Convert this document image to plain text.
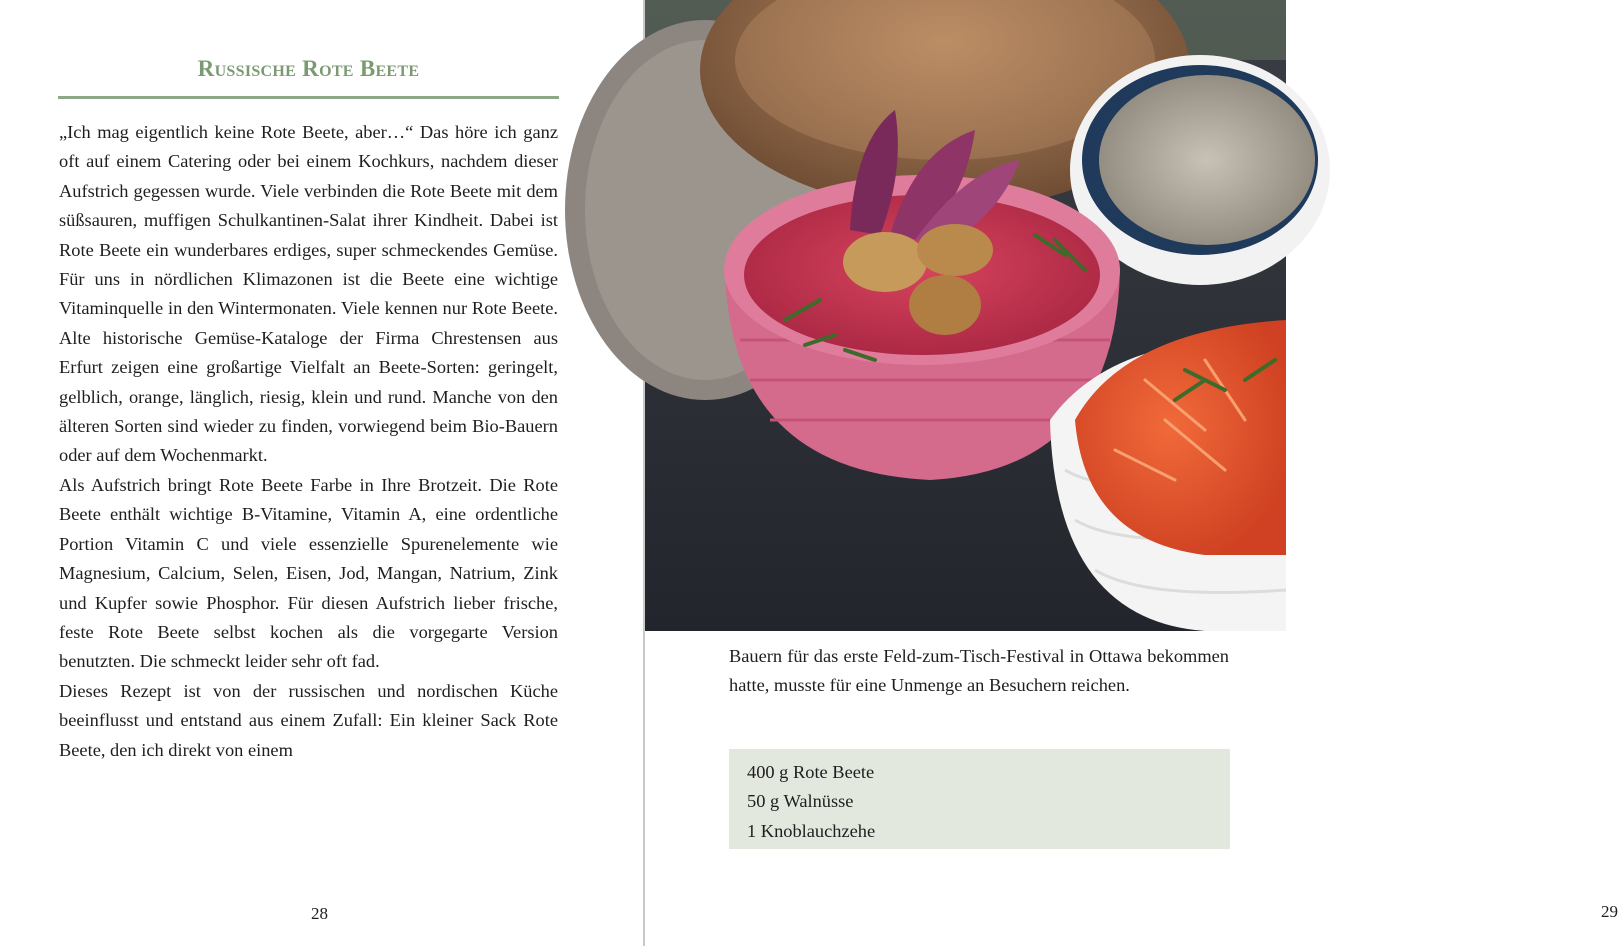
Russische Rote Beete

„Ich mag eigentlich keine Rote Beete, aber…“ Das höre ich ganz oft auf einem Catering oder bei einem Kochkurs, nachdem dieser Aufstrich gegessen wurde. Viele verbinden die Rote Beete mit dem süßsauren, muffigen Schulkantinen-Salat ihrer Kindheit. Dabei ist Rote Beete ein wunderbares erdiges, super schmeckendes Gemüse. Für uns in nördlichen Klimazonen ist die Beete eine wichtige Vitaminquelle in den Wintermonaten. Viele kennen nur Rote Beete. Alte historische Gemüse-Kataloge der Firma Chrestensen aus Erfurt zeigen eine großartige Vielfalt an Beete-Sorten: geringelt, gelblich, orange, länglich, riesig, klein und rund. Manche von den älteren Sorten sind wieder zu finden, vorwiegend beim Bio-Bauern oder auf dem Wochenmarkt.

Als Aufstrich bringt Rote Beete Farbe in Ihre Brotzeit. Die Rote Beete enthält wichtige B-Vitamine, Vitamin A, eine ordentliche Portion Vitamin C und viele essenzielle Spurenelemente wie Magnesium, Calcium, Selen, Eisen, Jod, Mangan, Natrium, Zink und Kupfer sowie Phosphor. Für diesen Aufstrich lieber frische, feste Rote Beete selbst kochen als die vorgegarte Version benutzten. Die schmeckt leider sehr oft fad.

Dieses Rezept ist von der russischen und nordischen Küche beeinflusst und entstand aus einem Zufall: Ein kleiner Sack Rote Beete, den ich direkt von einem

28	29

Bauern für das erste Feld-zum-Tisch-Festival in Ottawa bekommen hatte, musste für eine Unmenge an Besuchern reichen.

400 g Rote Beete
50 g Walnüsse
1 Knoblauchzehe
